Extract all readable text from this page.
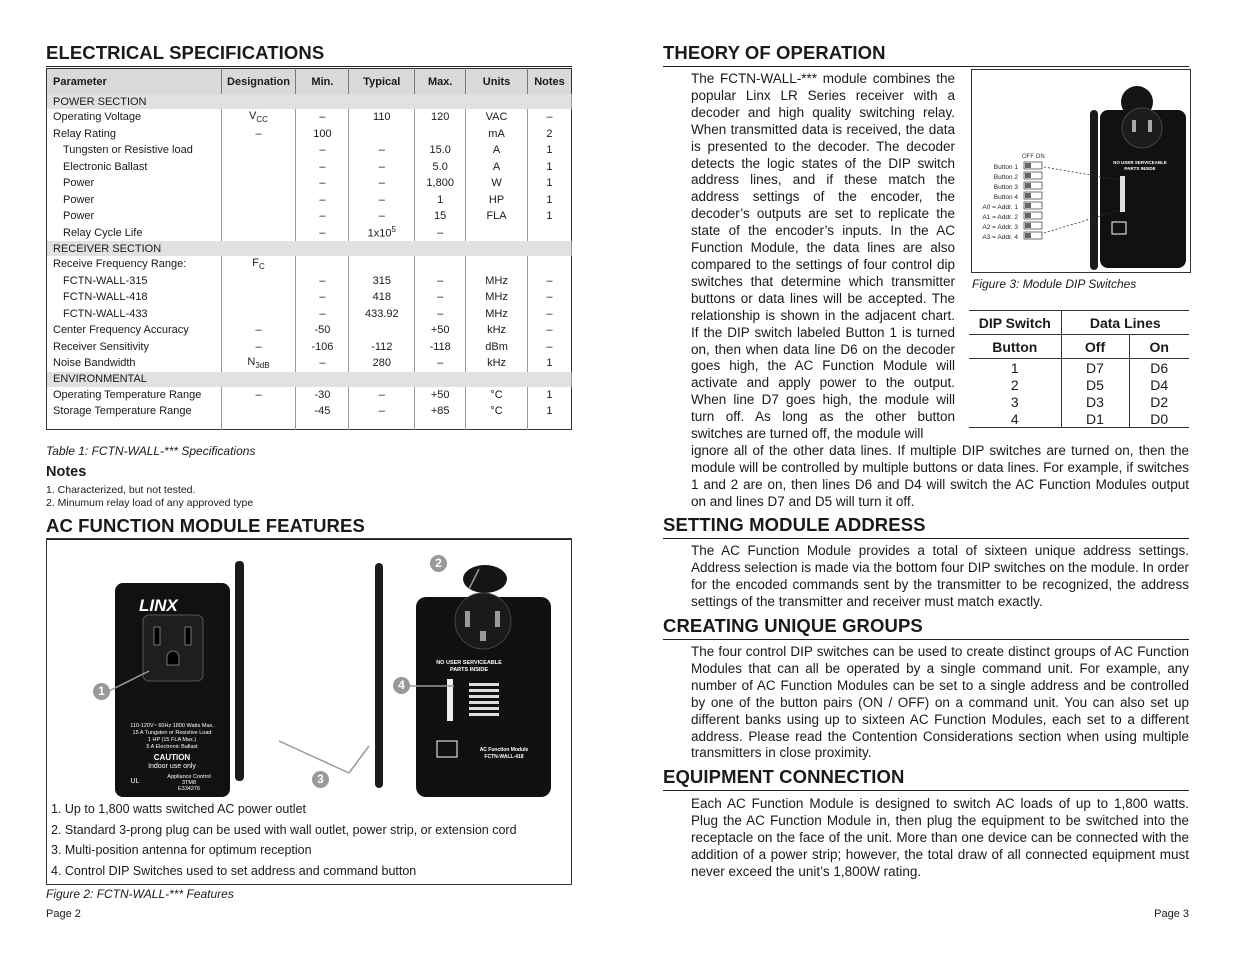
ELECTRICAL SPECIFICATIONS
Parameter	Designation	Min.	Typical	Max.	Units	Notes
POWER SECTION						
Operating Voltage	$V_{CC}$	–	110	120	VAC	–
Relay Rating	–	100			mA	2
Tungsten or Resistive load		–	–	15.0	A	1
Electronic Ballast		–	–	5.0	A	1
Power		–	–	1,800	W	1
Power		–	–	1	HP	1
Power		–	–	15	FLA	1
Relay Cycle Life		–	$1x10^5$	–		
RECEIVER SECTION						
Receive Frequency Range:	$F_C$					
FCTN-WALL-315		–	315	–	MHz	–
FCTN-WALL-418		–	418	–	MHz	–
FCTN-WALL-433		–	433.92	–	MHz	–
Center Frequency Accuracy	–	-50		+50	kHz	–
Receiver Sensitivity	–	-106	-112	-118	dBm	–
Noise Bandwidth	$N_{3dB}$	–	280	–	kHz	1
ENVIRONMENTAL						
Operating Temperature Range	–	-30	–	+50	°C	1
Storage Temperature Range		-45	–	+85	°C	1

Table 1: FCTN-WALL-*** Specifications
Notes
1. Characterized, but not tested.
2. Minumum relay load of any approved type
AC FUNCTION MODULE FEATURES
LINX
110-120V~ 60Hz 1800 Watts Max.
15 A Tungsten or Resistive Load
1 HP (15 FLA Max.)
5 A Electronic Ballast
CAUTION
Indoor use only
Appliance Control
3TM8
E334276
UL
NO USER SERVICEABLE
PARTS INSIDE
AC Function Module
FCTN-WALL-418
1
2
3
4
1. Up to 1,800 watts switched AC power outlet
2. Standard 3-prong plug can be used with wall outlet, power strip, or extension cord
3. Multi-position antenna for optimum reception
4. Control DIP Switches used to set address and command button
Figure 2: FCTN-WALL-*** Features
Page 2
THEORY OF OPERATION
The FCTN-WALL-*** module combines the popular Linx LR Series receiver with a decoder and high quality switching relay. When transmitted data is received, the data is presented to the decoder. The decoder detects the logic states of the DIP switch address lines, and if these match the address settings of the encoder, the decoder’s outputs are set to replicate the state of the encoder’s inputs. In the AC Function Module, the data lines are also compared to the settings of four control dip switches that determine which transmitter buttons or data lines will be accepted. The relationship is shown in the adjacent chart. If the DIP switch labeled Button 1 is turned on, then when data line D6 on the decoder goes high, the AC Function Module will activate and apply power to the output. When line D7 goes high, the module will turn off. As long as the other button switches are turned off, the module will
NO USER SERVICEABLE
PARTS INSIDE
OFF ON
Button 1
Button 2
Button 3
Button 4
A0 = Addr. 1
A1 = Addr. 2
A2 = Addr. 3
A3 = Addr. 4
Figure 3: Module DIP Switches
DIP Switch	Data Lines	
Button	Off	On
1	D7	D6
2	D5	D4
3	D3	D2
4	D1	D0
ignore all of the other data lines. If multiple DIP switches are turned on, then the module will be controlled by multiple buttons or data lines. For example, if switches 1 and 2 are on, then lines D6 and D4 will switch the AC Function Modules output on and lines D7 and D5 will turn it off.
SETTING MODULE ADDRESS
The AC Function Module provides a total of sixteen unique address settings. Address selection is made via the bottom four DIP switches on the module. In order for the encoded commands sent by the transmitter to be recognized, the address settings of the transmitter and receiver must match exactly.
CREATING UNIQUE GROUPS
The four control DIP switches can be used to create distinct groups of AC Function Modules that can all be operated by a single command unit. For example, any number of AC Function Modules can be set to a single address and be controlled by one of the button pairs (ON / OFF) on a command unit. You can also set up different banks using up to sixteen AC Function Modules, each set to a different address. Please read the Contention Considerations section when using multiple transmitters in close proximity.
EQUIPMENT CONNECTION
Each AC Function Module is designed to switch AC loads of up to 1,800 watts. Plug the AC Function Module in, then plug the equipment to be switched into the receptacle on the face of the unit. More than one device can be connected with the addition of a power strip; however, the total draw of all connected equipment must never exceed the unit’s 1,800W rating.
Page 3
